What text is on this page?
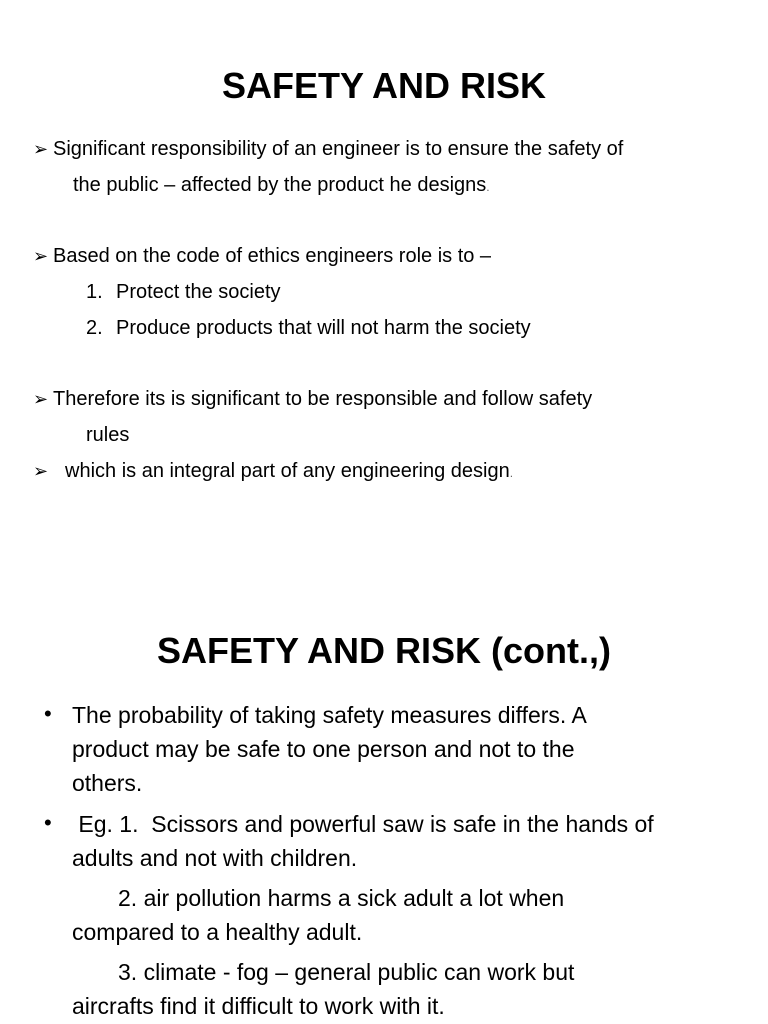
SAFETY AND RISK
➢ Significant responsibility of an engineer is to ensure the safety of
the public – affected by the product he designs.
➢ Based on the code of ethics engineers role is to –
1. Protect the society
2. Produce products that will not harm the society
➢ Therefore its is significant to be responsible and follow safety
rules
➢ which is an integral part of any engineering design.
SAFETY AND RISK (cont.,)
• The probability of taking safety measures differs. A
product may be safe to one person and not to the
others.
• Eg. 1.  Scissors and powerful saw is safe in the hands of
adults and not with children.
2. air pollution harms a sick adult a lot when
compared to a healthy adult.
3. climate - fog – general public can work but
aircrafts find it difficult to work with it.
